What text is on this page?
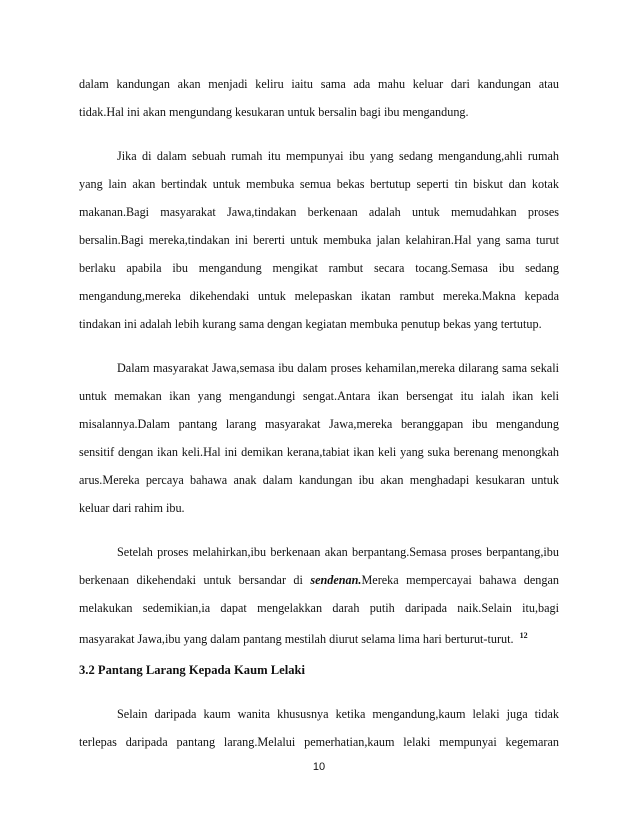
dalam kandungan akan menjadi keliru iaitu sama ada mahu keluar dari kandungan atau
tidak.Hal ini akan mengundang kesukaran untuk bersalin bagi ibu mengandung.
Jika di dalam sebuah rumah itu mempunyai ibu yang sedang mengandung,ahli rumah
yang lain akan bertindak untuk membuka semua bekas bertutup seperti tin biskut dan kotak
makanan.Bagi masyarakat Jawa,tindakan berkenaan adalah untuk memudahkan proses
bersalin.Bagi mereka,tindakan ini bererti untuk membuka jalan kelahiran.Hal yang sama turut
berlaku apabila ibu mengandung mengikat rambut secara tocang.Semasa ibu sedang
mengandung,mereka dikehendaki untuk melepaskan ikatan rambut mereka.Makna kepada
tindakan ini adalah lebih kurang sama dengan kegiatan membuka penutup bekas yang tertutup.
Dalam masyarakat Jawa,semasa ibu dalam proses kehamilan,mereka dilarang sama sekali
untuk memakan ikan yang mengandungi sengat.Antara ikan bersengat itu ialah ikan keli
misalannya.Dalam pantang larang masyarakat Jawa,mereka beranggapan ibu mengandung
sensitif dengan ikan keli.Hal ini demikan kerana,tabiat ikan keli yang suka berenang menongkah
arus.Mereka percaya bahawa anak dalam kandungan ibu akan menghadapi kesukaran untuk
keluar dari rahim ibu.
Setelah proses melahirkan,ibu berkenaan akan berpantang.Semasa proses berpantang,ibu
berkenaan dikehendaki untuk bersandar di sendenan.Mereka mempercayai bahawa dengan
melakukan sedemikian,ia dapat mengelakkan darah putih daripada naik.Selain itu,bagi
masyarakat Jawa,ibu yang dalam pantang mestilah diurut selama lima hari berturut-turut. $^{12}$
3.2 Pantang Larang Kepada Kaum Lelaki
Selain daripada kaum wanita khususnya ketika mengandung,kaum lelaki juga tidak
terlepas daripada pantang larang.Melalui pemerhatian,kaum lelaki mempunyai kegemaran
10
